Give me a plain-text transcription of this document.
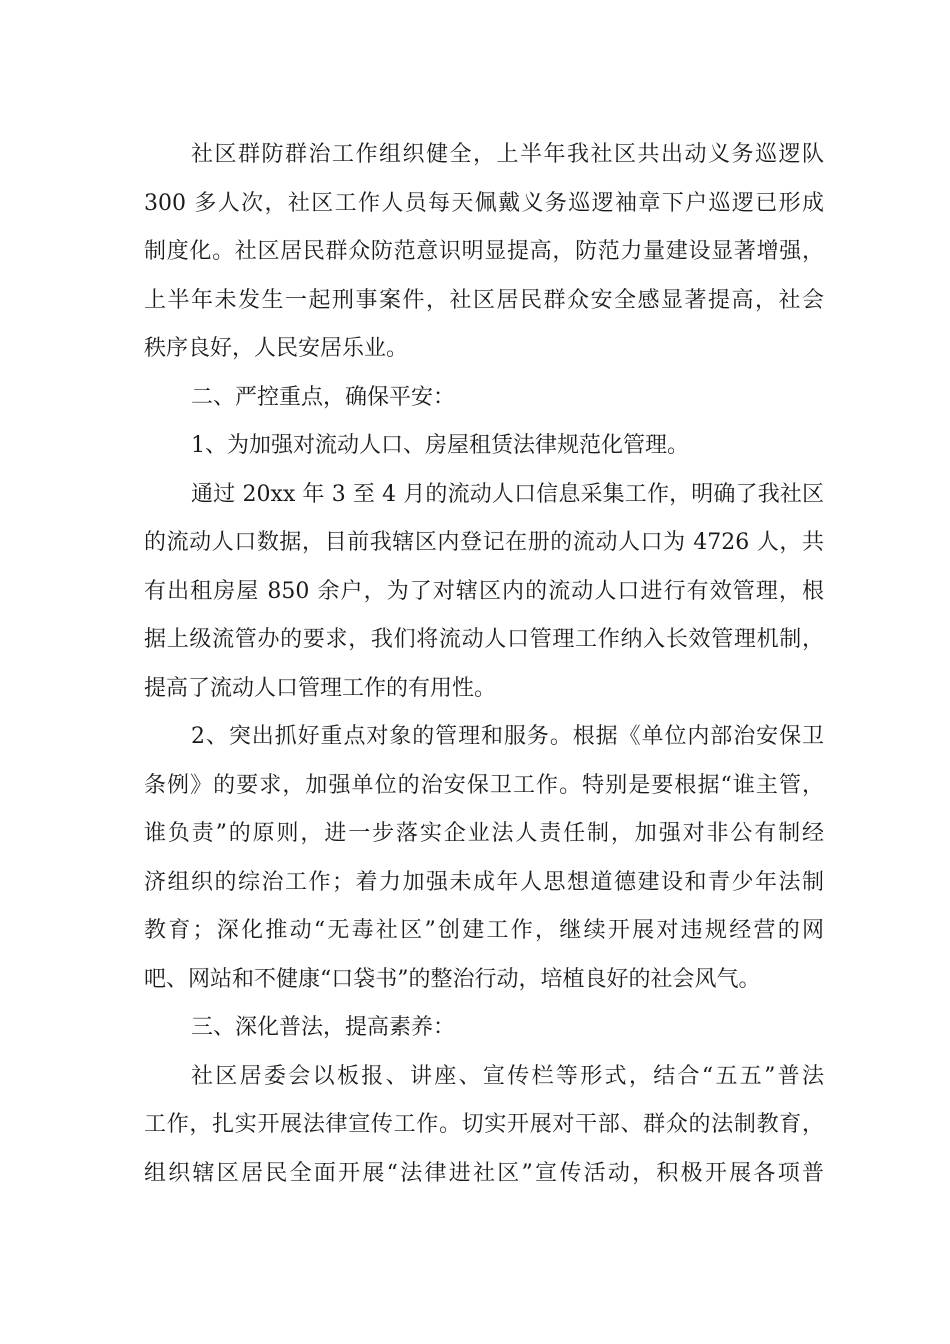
社区群防群治工作组织健全，上半年我社区共出动义务巡逻队
300 多人次，社区工作人员每天佩戴义务巡逻袖章下户巡逻已形成
制度化。社区居民群众防范意识明显提高，防范力量建设显著增强，
上半年未发生一起刑事案件，社区居民群众安全感显著提高，社会
秩序良好，人民安居乐业。
二、严控重点，确保平安：
1、为加强对流动人口、房屋租赁法律规范化管理。
通过 20xx 年 3 至 4 月的流动人口信息采集工作，明确了我社区
的流动人口数据，目前我辖区内登记在册的流动人口为 4726 人，共
有出租房屋 850 余户，为了对辖区内的流动人口进行有效管理，根
据上级流管办的要求，我们将流动人口管理工作纳入长效管理机制，
提高了流动人口管理工作的有用性。
2、突出抓好重点对象的管理和服务。根据《单位内部治安保卫
条例》的要求，加强单位的治安保卫工作。特别是要根据“谁主管，
谁负责”的原则，进一步落实企业法人责任制，加强对非公有制经
济组织的综治工作；着力加强未成年人思想道德建设和青少年法制
教育；深化推动“无毒社区”创建工作，继续开展对违规经营的网
吧、网站和不健康“口袋书”的整治行动，培植良好的社会风气。
三、深化普法，提高素养：
社区居委会以板报、讲座、宣传栏等形式，结合“五五”普法
工作，扎实开展法律宣传工作。切实开展对干部、群众的法制教育，
组织辖区居民全面开展“法律进社区”宣传活动，积极开展各项普
